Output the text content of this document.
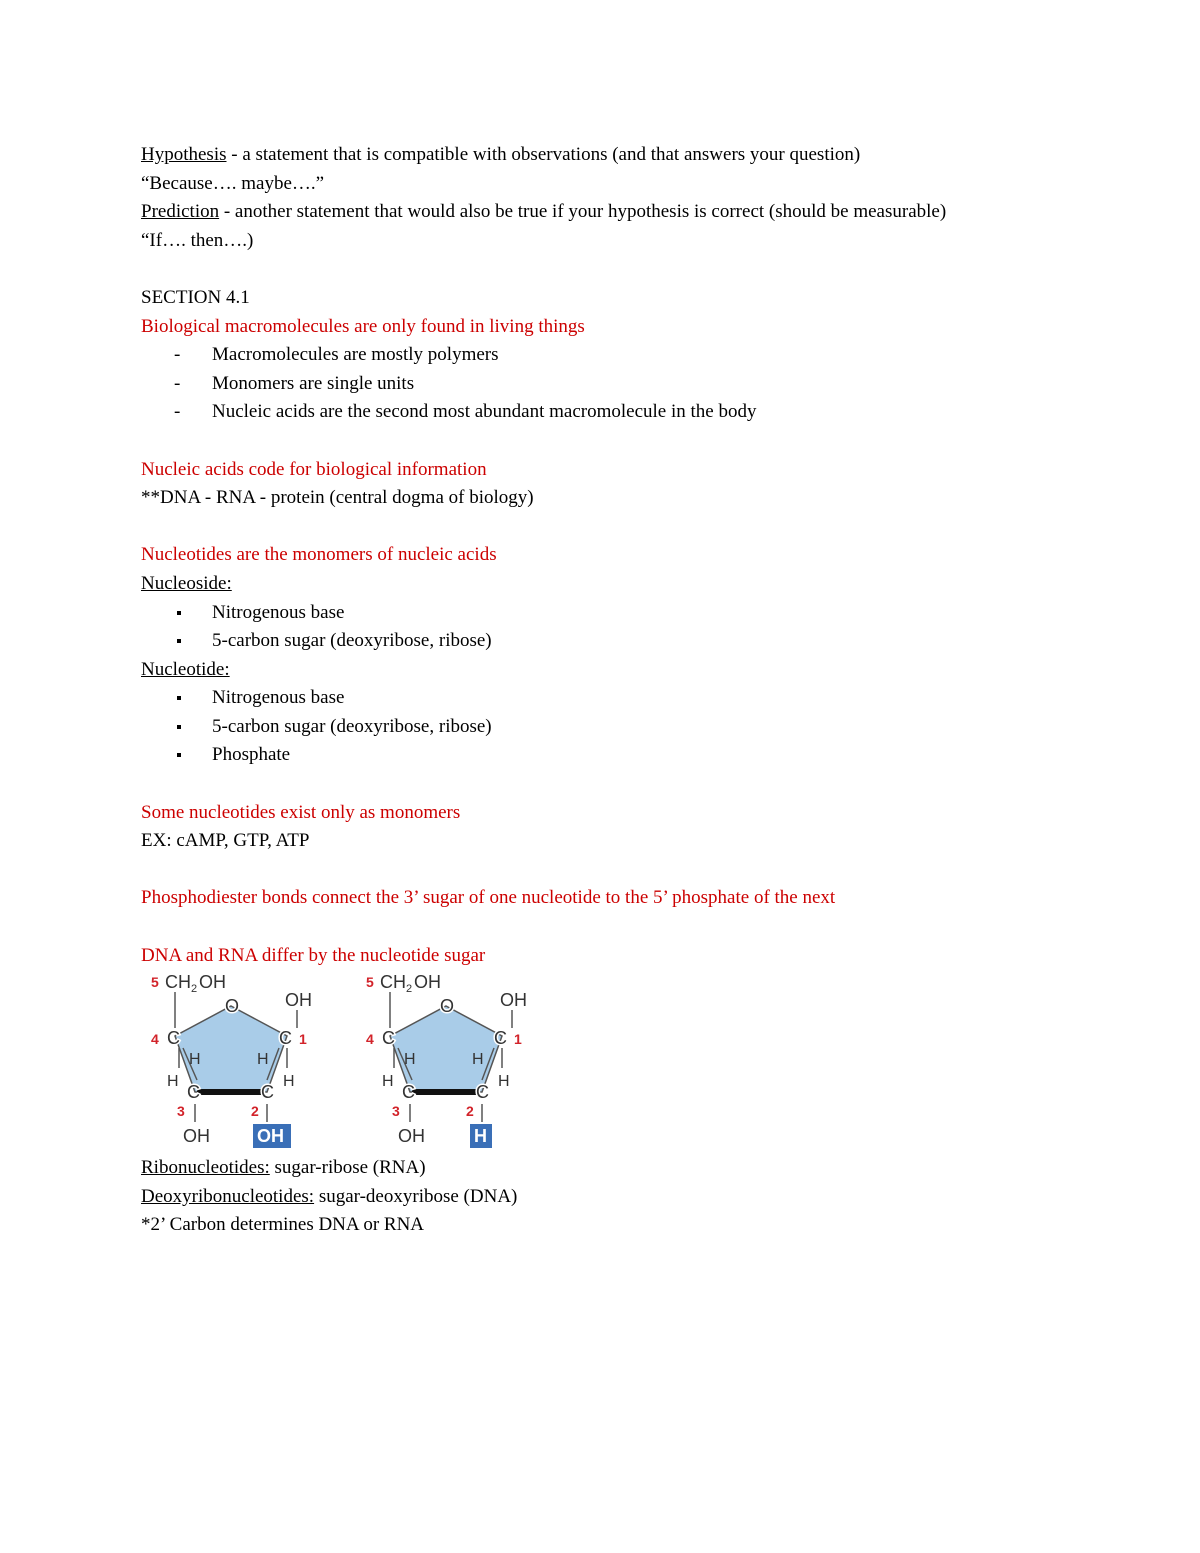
Hypothesis - a statement that is compatible with observations (and that answers your question)
“Because…. maybe….”
Prediction - another statement that would also be true if your hypothesis is correct (should be measurable)
“If…. then….)
SECTION 4.1
Biological macromolecules are only found in living things
- Macromolecules are mostly polymers
- Monomers are single units
- Nucleic acids are the second most abundant macromolecule in the body
Nucleic acids code for biological information
**DNA - RNA - protein (central dogma of biology)
Nucleotides are the monomers of nucleic acids
Nucleoside:
Nitrogenous base
5-carbon sugar (deoxyribose, ribose)
Nucleotide:
Nitrogenous base
5-carbon sugar (deoxyribose, ribose)
Phosphate
Some nucleotides exist only as monomers
EX: cAMP, GTP, ATP
Phosphodiester bonds connect the 3’ sugar of one nucleotide to the 5’ phosphate of the next
DNA and RNA differ by the nucleotide sugar
5 CH 2 OH
O	OH
4 C	C 1
H
H
H
H
C	C
3	2
OH	OH
5 CH 2 OH
O	OH
4 C	C 1
H
H
H
H
C	C
3	2
OH	H
Ribonucleotides: sugar-ribose (RNA)
Deoxyribonucleotides: sugar-deoxyribose (DNA)
*2’ Carbon determines DNA or RNA
